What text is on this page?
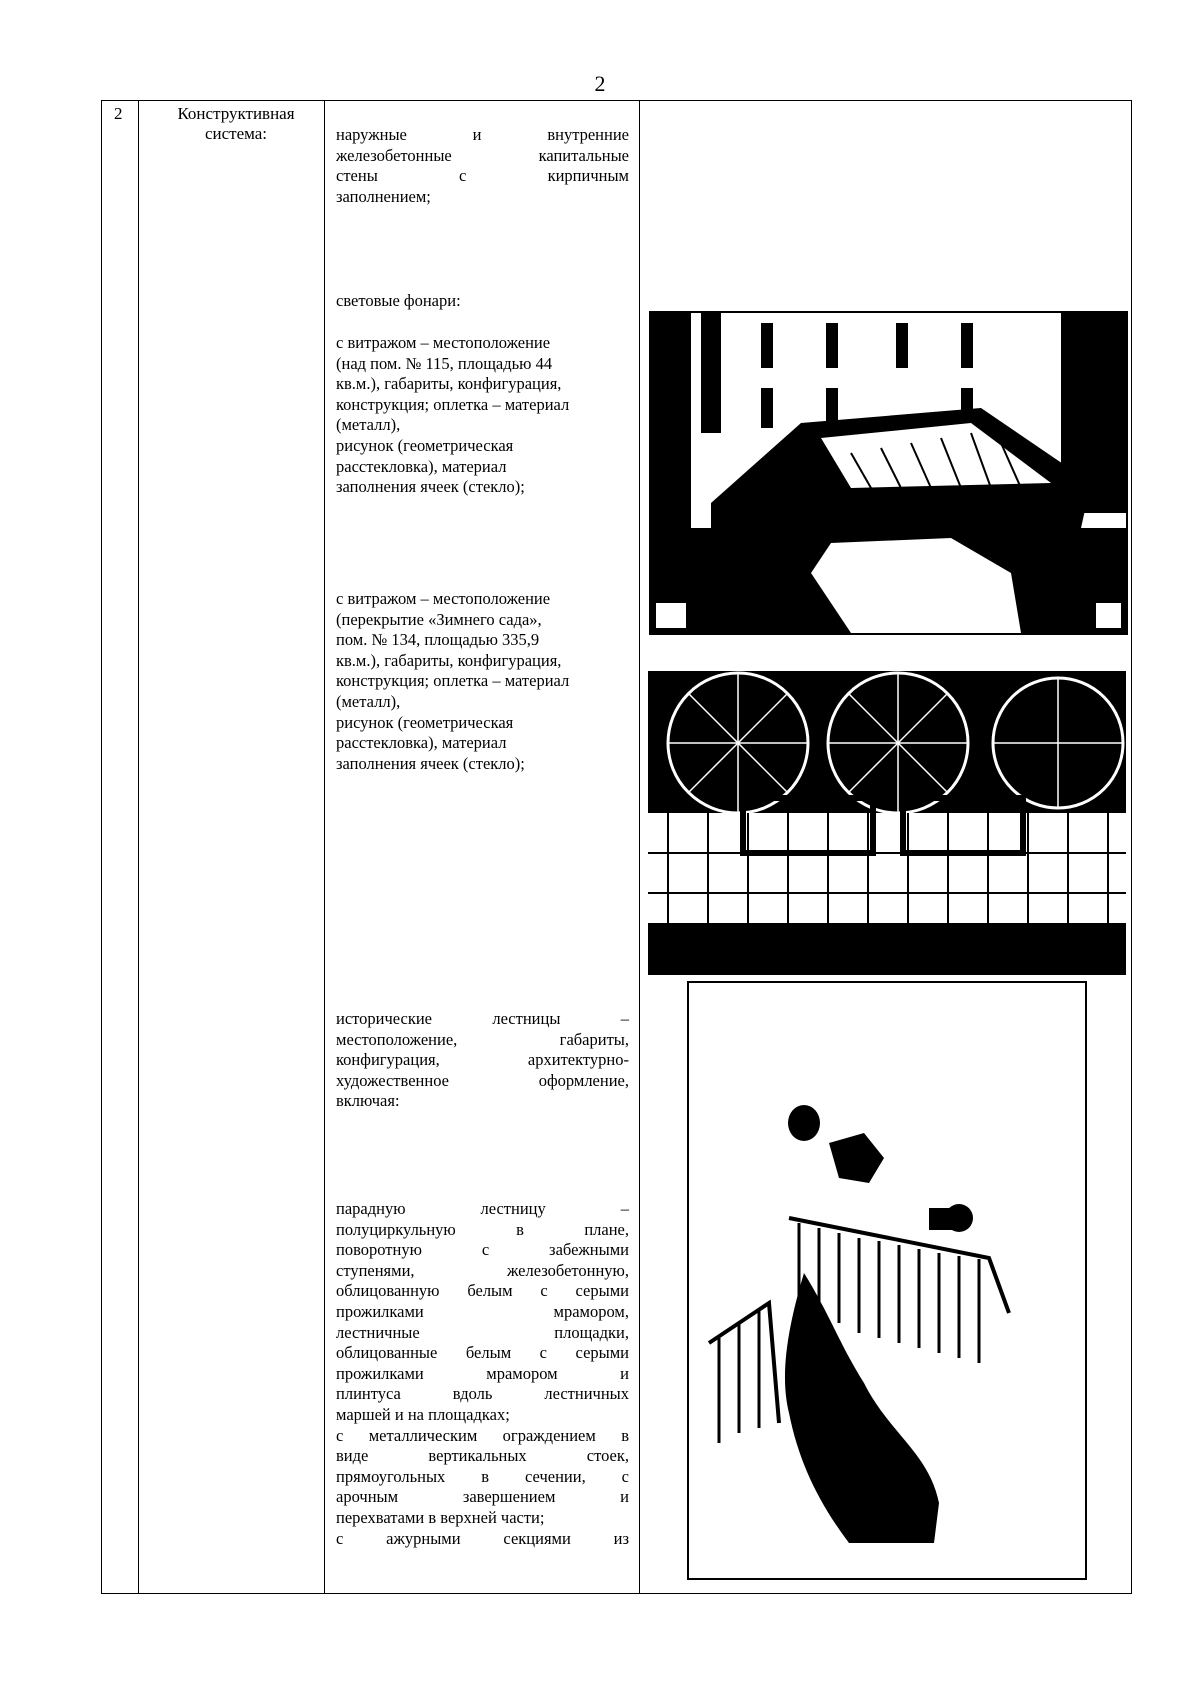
2
2	Конструктивная
система:	наружные и внутренние

железобетонные капитальные

стены с кирпичным

заполнением;

световые фонари:

с витражом – местоположение

(над пом. № 115, площадью 44

кв.м.), габариты, конфигурация,

конструкция; оплетка – материал

(металл),

рисунок (геометрическая

расстекловка), материал

заполнения ячеек (стекло);

с витражом – местоположение

(перекрытие «Зимнего сада»,

пом. № 134, площадью 335,9

кв.м.), габариты, конфигурация,

конструкция; оплетка – материал

(металл),

рисунок (геометрическая

расстекловка), материал

заполнения ячеек (стекло);

исторические лестницы –

местоположение, габариты,

конфигурация, архитектурно-

художественное оформление,

включая:

парадную лестницу –

полуциркульную в плане,

поворотную с забежными

ступенями, железобетонную,

облицованную белым с серыми

прожилками мрамором,

лестничные площадки,

облицованные белым с серыми

прожилками мрамором и

плинтуса вдоль лестничных

маршей и на площадках;

с металлическим ограждением в

виде вертикальных стоек,

прямоугольных в сечении, с

арочным завершением и

перехватами в верхней части;

с ажурными секциями из
